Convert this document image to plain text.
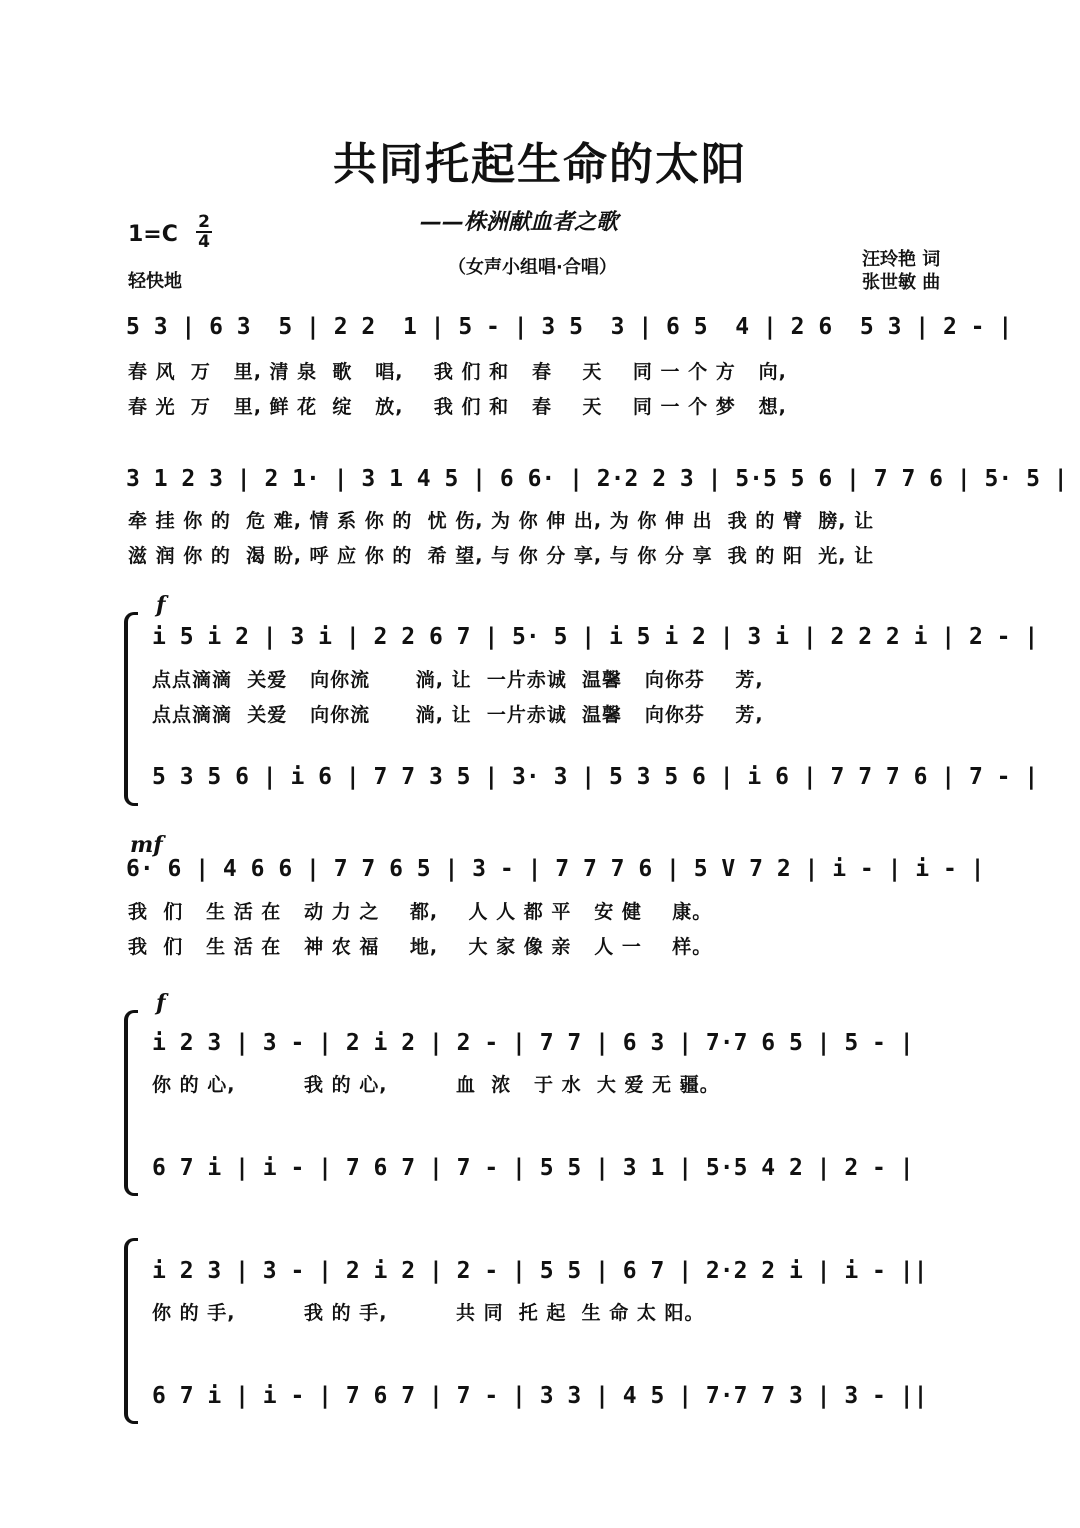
共同托起生命的太阳
——株洲献血者之歌
1=C 2
4
轻快地
（女声小组唱·合唱）	汪玲艳 词
张世敏 曲
5 3 | 6 3  5 | 2 2  1 | 5 - | 3 5  3 | 6 5  4 | 2 6  5 3 | 2 - |
春 风  万   里, 清 泉  歌   唱,    我 们 和   春    天    同 一 个 方   向,
春 光  万   里, 鲜 花  绽   放,    我 们 和   春    天    同 一 个 梦   想,
3 1 2 3 | 2 1· | 3 1 4 5 | 6 6· | 2·2 2 3 | 5·5 5 6 | 7 7 6 | 5· 5 |
牵 挂 你 的  危 难, 情 系 你 的  忧 伤, 为 你 伸 出, 为 你 伸 出  我 的 臂  膀, 让
滋 润 你 的  渴 盼, 呼 应 你 的  希 望, 与 你 分 享, 与 你 分 享  我 的 阳  光, 让
f
i 5 i 2 | 3 i | 2 2 6 7 | 5· 5 | i 5 i 2 | 3 i | 2 2 2 i | 2 - |
点点滴滴  关爱   向你流      淌, 让  一片赤诚  温馨   向你芬    芳,
点点滴滴  关爱   向你流      淌, 让  一片赤诚  温馨   向你芬    芳,
5 3 5 6 | i 6 | 7 7 3 5 | 3· 3 | 5 3 5 6 | i 6 | 7 7 7 6 | 7 - |
mf
6· 6 | 4 6 6 | 7 7 6 5 | 3 - | 7 7 7 6 | 5 V 7 2 | i - | i - |
我  们   生 活 在   动 力 之    都,    人 人 都 平   安 健    康。
我  们   生 活 在   神 农 福    地,    大 家 像 亲   人 一    样。
f
i 2 3 | 3 - | 2 i 2 | 2 - | 7 7 | 6 3 | 7·7 6 5 | 5 - |
你 的 心,         我 的 心,         血  浓   于 水  大 爱 无 疆。
6 7 i | i - | 7 6 7 | 7 - | 5 5 | 3 1 | 5·5 4 2 | 2 - |
i 2 3 | 3 - | 2 i 2 | 2 - | 5 5 | 6 7 | 2·2 2 i | i - ||
你 的 手,         我 的 手,         共 同  托 起  生 命 太 阳。
6 7 i | i - | 7 6 7 | 7 - | 3 3 | 4 5 | 7·7 7 3 | 3 - ||
